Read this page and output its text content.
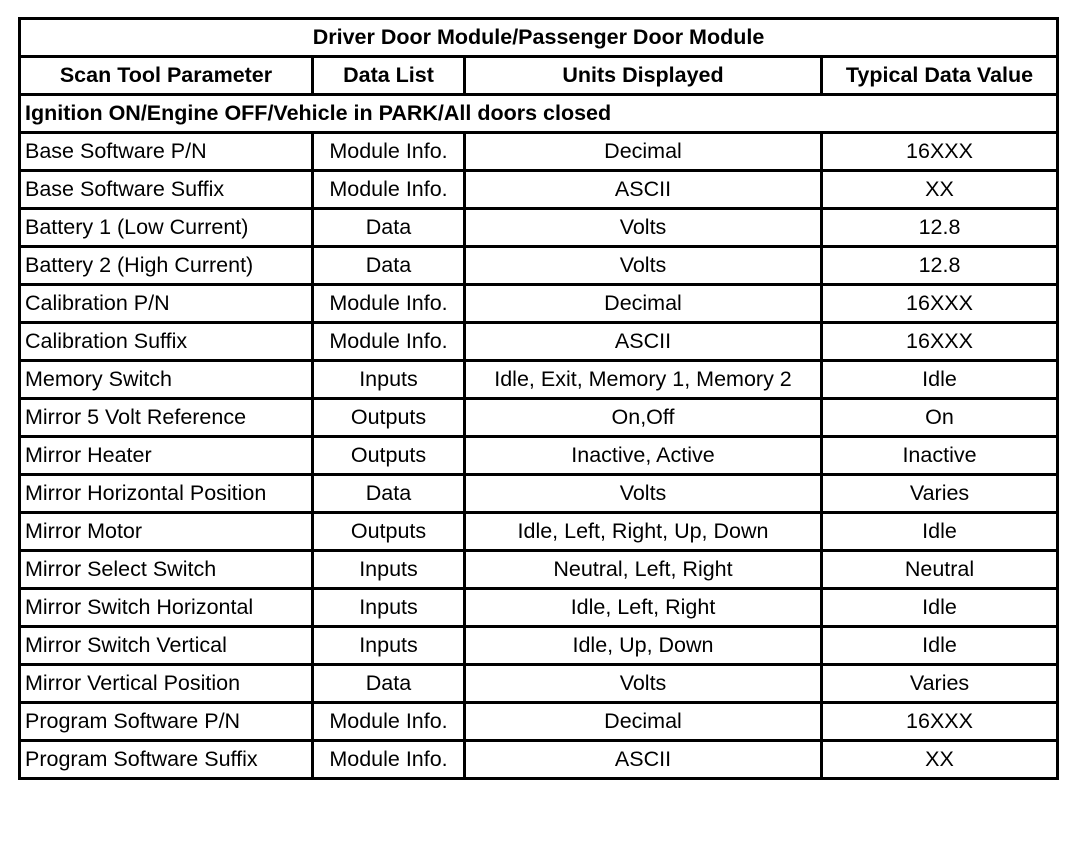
Driver Door Module/Passenger Door Module			
Scan Tool Parameter	Data List	Units Displayed	Typical Data Value
Ignition ON/Engine OFF/Vehicle in PARK/All doors closed			
Base Software P/N	Module Info.	Decimal	16XXX
Base Software Suffix	Module Info.	ASCII	XX
Battery 1 (Low Current)	Data	Volts	12.8
Battery 2 (High Current)	Data	Volts	12.8
Calibration P/N	Module Info.	Decimal	16XXX
Calibration Suffix	Module Info.	ASCII	16XXX
Memory Switch	Inputs	Idle, Exit, Memory 1, Memory 2	Idle
Mirror 5 Volt Reference	Outputs	On,Off	On
Mirror Heater	Outputs	Inactive, Active	Inactive
Mirror Horizontal Position	Data	Volts	Varies
Mirror Motor	Outputs	Idle, Left, Right, Up, Down	Idle
Mirror Select Switch	Inputs	Neutral, Left, Right	Neutral
Mirror Switch Horizontal	Inputs	Idle, Left, Right	Idle
Mirror Switch Vertical	Inputs	Idle, Up, Down	Idle
Mirror Vertical Position	Data	Volts	Varies
Program Software P/N	Module Info.	Decimal	16XXX
Program Software Suffix	Module Info.	ASCII	XX
